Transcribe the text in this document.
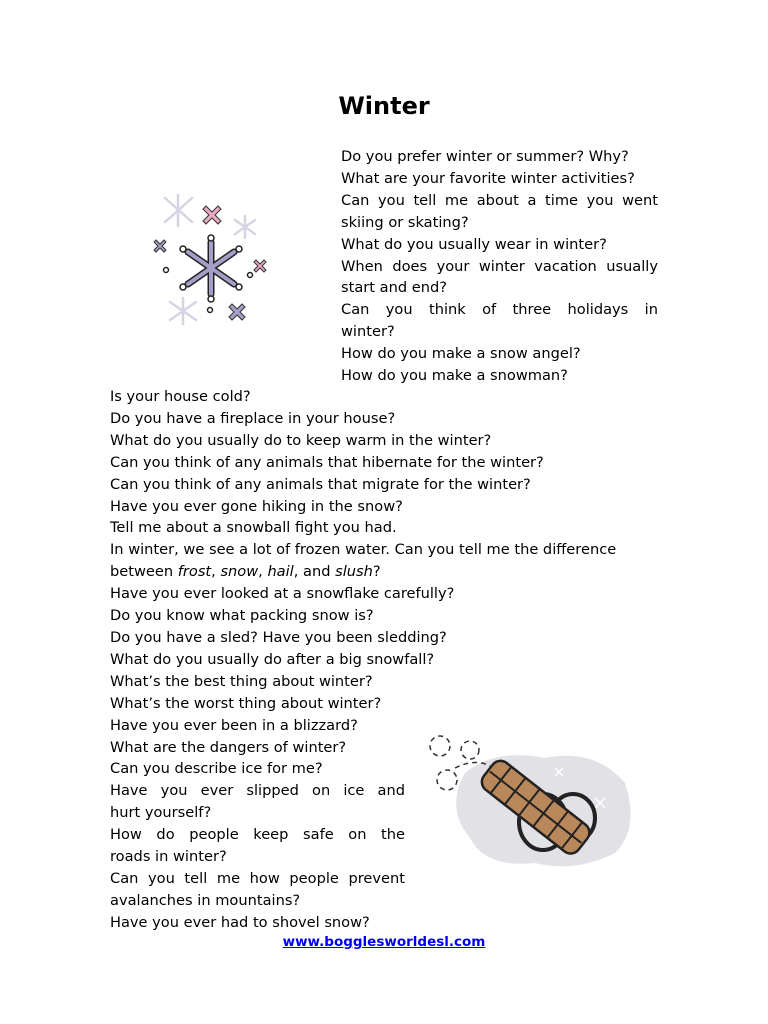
Winter
Do you prefer winter or summer? Why?
What are your favorite winter activities?
Can you tell me about a time you went
skiing or skating?
What do you usually wear in winter?
When does your winter vacation usually
start and end?
Can you think of three holidays in
winter?
How do you make a snow angel?
How do you make a snowman?
Is your house cold?
Do you have a fireplace in your house?
What do you usually do to keep warm in the winter?
Can you think of any animals that hibernate for the winter?
Can you think of any animals that migrate for the winter?
Have you ever gone hiking in the snow?
Tell me about a snowball fight you had.
In winter, we see a lot of frozen water. Can you tell me the difference
between frost, snow, hail, and slush?
Have you ever looked at a snowflake carefully?
Do you know what packing snow is?
Do you have a sled? Have you been sledding?
What do you usually do after a big snowfall?
What’s the best thing about winter?
What’s the worst thing about winter?
Have you ever been in a blizzard?
What are the dangers of winter?
Can you describe ice for me?
Have you ever slipped on ice and
hurt yourself?
How do people keep safe on the
roads in winter?
Can you tell me how people prevent
avalanches in mountains?
Have you ever had to shovel snow?
www.bogglesworldesl.com
